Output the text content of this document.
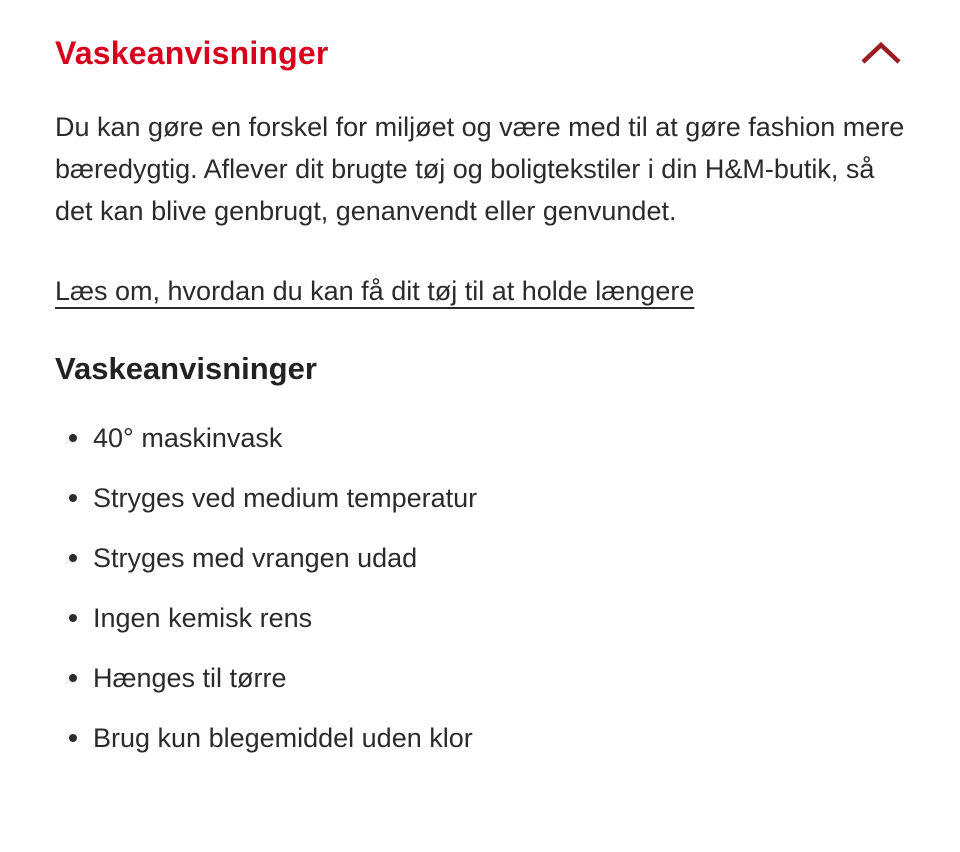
Vaskeanvisninger

Du kan gøre en forskel for miljøet og være med til at gøre fashion mere bæredygtig. Aflever dit brugte tøj og boligtekstiler i din H&M-butik, så det kan blive genbrugt, genanvendt eller genvundet.

Læs om, hvordan du kan få dit tøj til at holde længere
Vaskeanvisninger
40° maskinvask
Stryges ved medium temperatur
Stryges med vrangen udad
Ingen kemisk rens
Hænges til tørre
Brug kun blegemiddel uden klor
